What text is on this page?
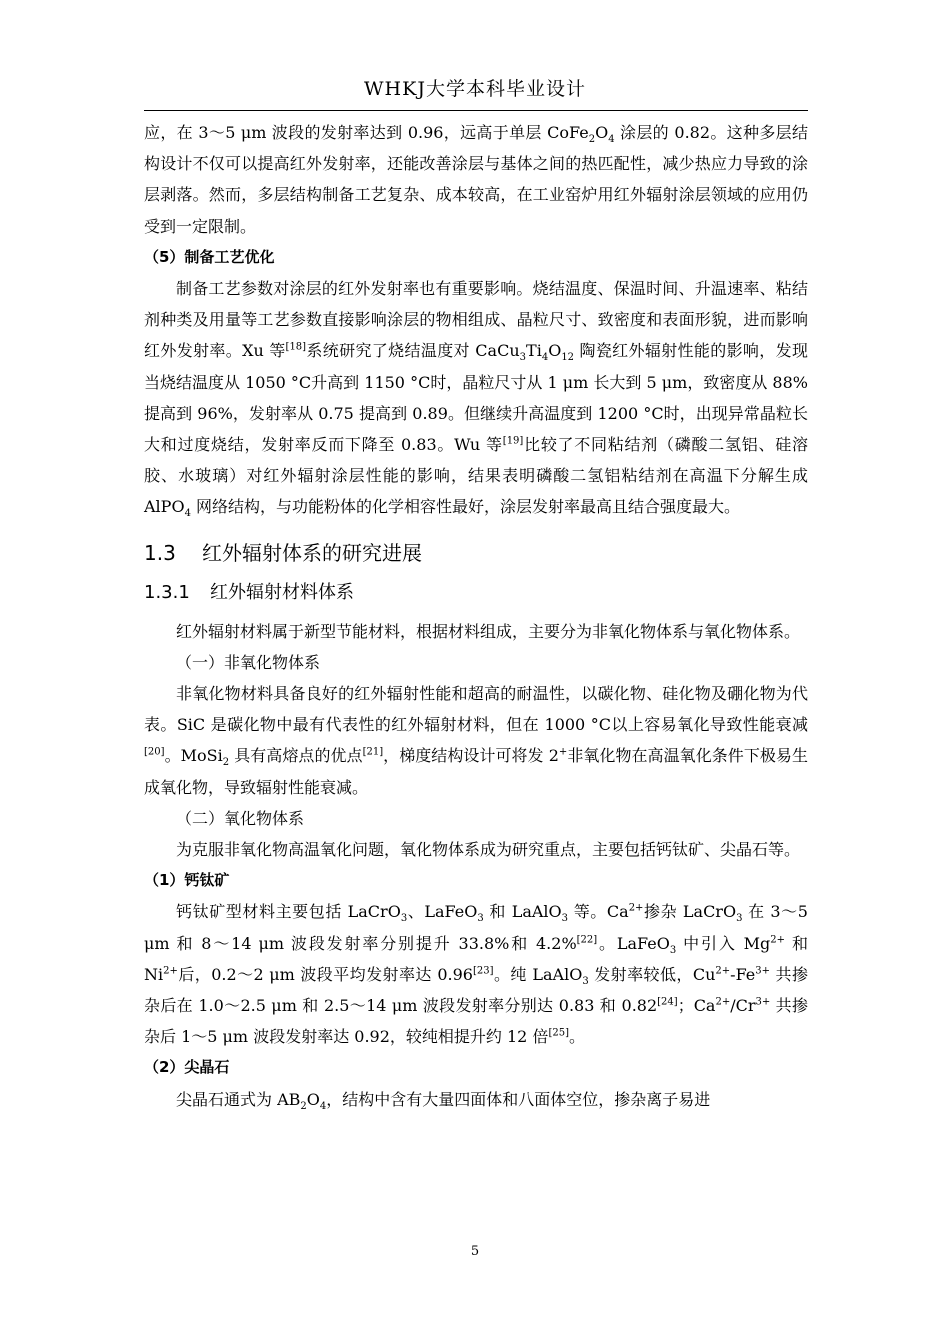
WHKJ大学本科毕业设计

应，在 3～5 μm 波段的发射率达到 0.96，远高于单层 $CoFe_2O_4$ 涂层的 0.82。这种多层结构设计不仅可以提高红外发射率，还能改善涂层与基体之间的热匹配性，减少热应力导致的涂层剥落。然而，多层结构制备工艺复杂、成本较高，在工业窑炉用红外辐射涂层领域的应用仍受到一定限制。

（5）制备工艺优化

制备工艺参数对涂层的红外发射率也有重要影响。烧结温度、保温时间、升温速率、粘结剂种类及用量等工艺参数直接影响涂层的物相组成、晶粒尺寸、致密度和表面形貌，进而影响红外发射率。Xu 等[18]系统研究了烧结温度对 $CaCu_3Ti_4O_{12}$ 陶瓷红外辐射性能的影响，发现当烧结温度从 1050 °C升高到 1150 °C时，晶粒尺寸从 1 μm 长大到 5 μm，致密度从 88%提高到 96%，发射率从 0.75 提高到 0.89。但继续升高温度到 1200 °C时，出现异常晶粒长大和过度烧结，发射率反而下降至 0.83。Wu 等[19]比较了不同粘结剂（磷酸二氢铝、硅溶胶、水玻璃）对红外辐射涂层性能的影响，结果表明磷酸二氢铝粘结剂在高温下分解生成 AlPO$_4$ 网络结构，与功能粉体的化学相容性最好，涂层发射率最高且结合强度最大。

1.3 红外辐射体系的研究进展
1.3.1 红外辐射材料体系

红外辐射材料属于新型节能材料，根据材料组成，主要分为非氧化物体系与氧化物体系。

（一）非氧化物体系

非氧化物材料具备良好的红外辐射性能和超高的耐温性，以碳化物、硅化物及硼化物为代表。SiC 是碳化物中最有代表性的红外辐射材料，但在 1000 °C以上容易氧化导致性能衰减[20]。MoSi$_2$ 具有高熔点的优点[21]，梯度结构设计可将发 2+非氧化物在高温氧化条件下极易生成氧化物，导致辐射性能衰减。

（二）氧化物体系

为克服非氧化物高温氧化问题，氧化物体系成为研究重点，主要包括钙钛矿、尖晶石等。

（1）钙钛矿

钙钛矿型材料主要包括 LaCrO$_3$、LaFeO$_3$ 和 LaAlO$_3$ 等。$Ca^{2+}$掺杂 LaCrO$_3$ 在 3～5 μm 和 8～14 μm 波段发射率分别提升 33.8%和 4.2%[22]。LaFeO$_3$ 中引入 $Mg^{2+}$ 和 $Ni^{2+}$后，0.2～2 μm 波段平均发射率达 0.96[23]。纯 LaAlO$_3$ 发射率较低，$Cu^{2+}-Fe^{3+}$ 共掺杂后在 1.0～2.5 μm 和 2.5～14 μm 波段发射率分别达 0.83 和 0.82[24]；$Ca^{2+}/Cr^{3+}$ 共掺杂后 1～5 μm 波段发射率达 0.92，较纯相提升约 12 倍[25]。

（2）尖晶石

尖晶石通式为 $AB_2O_4$，结构中含有大量四面体和八面体空位，掺杂离子易进

5
